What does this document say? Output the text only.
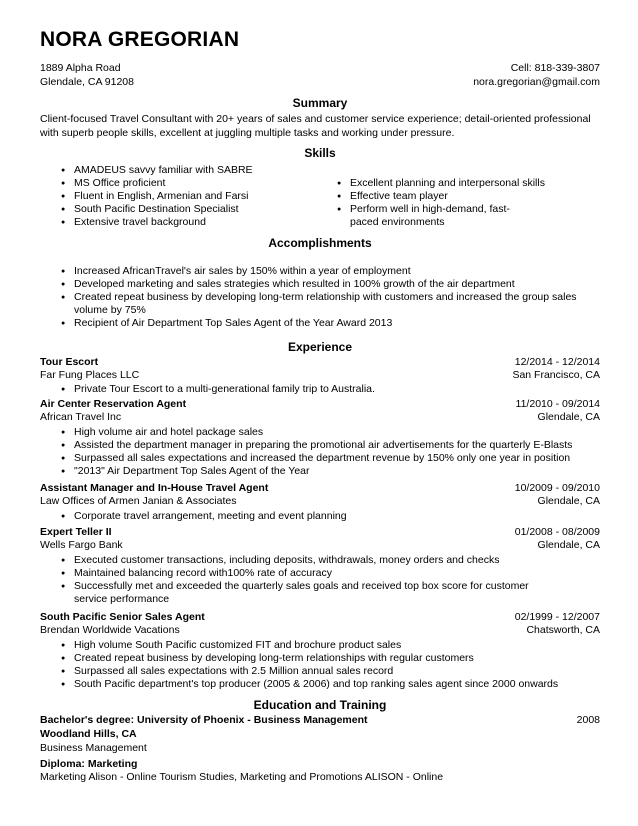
NORA GREGORIAN
1889 Alpha Road	Cell: 818-339-3807
Glendale, CA 91208	nora.gregorian@gmail.com
Summary
Client-focused Travel Consultant with 20+ years of sales and customer service experience; detail-oriented professional
with superb people skills, excellent at juggling multiple tasks and working under pressure.
Skills
● AMADEUS savvy familiar with SABRE
● MS Office proficient
● Fluent in English, Armenian and Farsi
● South Pacific Destination Specialist
● Extensive travel background
● Excellent planning and interpersonal skills
● Effective team player
● Perform well in high-demand, fast-paced environments
Accomplishments
● Increased AfricanTravel's air sales by 150% within a year of employment
● Developed marketing and sales strategies which resulted in 100% growth of the air department
● Created repeat business by developing long-term relationship with customers and increased the group sales volume by 75%
● Recipient of Air Department Top Sales Agent of the Year Award 2013
Experience
Tour Escort	12/2014 - 12/2014
Far Fung Places LLC	San Francisco, CA
● Private Tour Escort to a multi-generational family trip to Australia.
Air Center Reservation Agent	11/2010 - 09/2014
African Travel Inc	Glendale, CA
● High volume air and hotel package sales
● Assisted the department manager in preparing the promotional air advertisements for the quarterly E-Blasts
● Surpassed all sales expectations and increased the department revenue by 150% only one year in position
● "2013" Air Department Top Sales Agent of the Year
Assistant Manager and In-House Travel Agent	10/2009 - 09/2010
Law Offices of Armen Janian & Associates	Glendale, CA
● Corporate travel arrangement, meeting and event planning
Expert Teller II	01/2008 - 08/2009
Wells Fargo Bank	Glendale, CA
● Executed customer transactions, including deposits, withdrawals, money orders and checks
● Maintained balancing record with100% rate of accuracy
● Successfully met and exceeded the quarterly sales goals and received top box score for customer service performance
South Pacific Senior Sales Agent	02/1999 - 12/2007
Brendan Worldwide Vacations	Chatsworth, CA
● High volume South Pacific customized FIT and brochure product sales
● Created repeat business by developing long-term relationships with regular customers
● Surpassed all sales expectations with 2.5 Million annual sales record
● South Pacific department's top producer (2005 & 2006) and top ranking sales agent since 2000 onwards
Education and Training
Bachelor's degree: University of Phoenix - Business Management	2008
Woodland Hills, CA
Business Management
Diploma: Marketing
Marketing Alison - Online Tourism Studies, Marketing and Promotions ALISON - Online
